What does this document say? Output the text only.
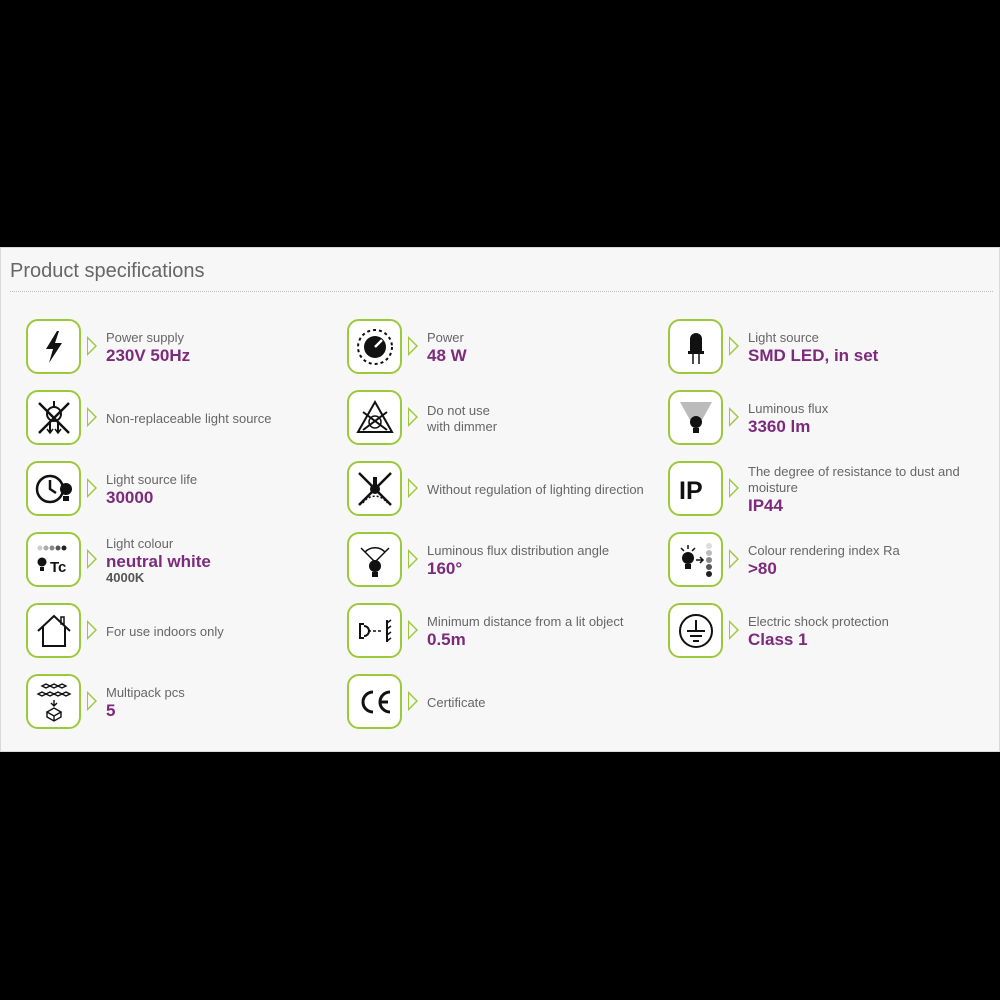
Product specifications
Power supply
230V 50Hz
Non-replaceable light source
Light source life
30000
Tc
Light colour
neutral white
4000K
For use indoors only
Multipack pcs
5
Power
48 W
Do not use
with dimmer
Without regulation of lighting direction
Luminous flux distribution angle
160°
Minimum distance from a lit object
0.5m
Certificate
Light source
SMD LED, in set
Luminous flux
3360 lm
IP
The degree of resistance to dust and
moisture
IP44
Colour rendering index Ra
>80
Electric shock protection
Class 1
